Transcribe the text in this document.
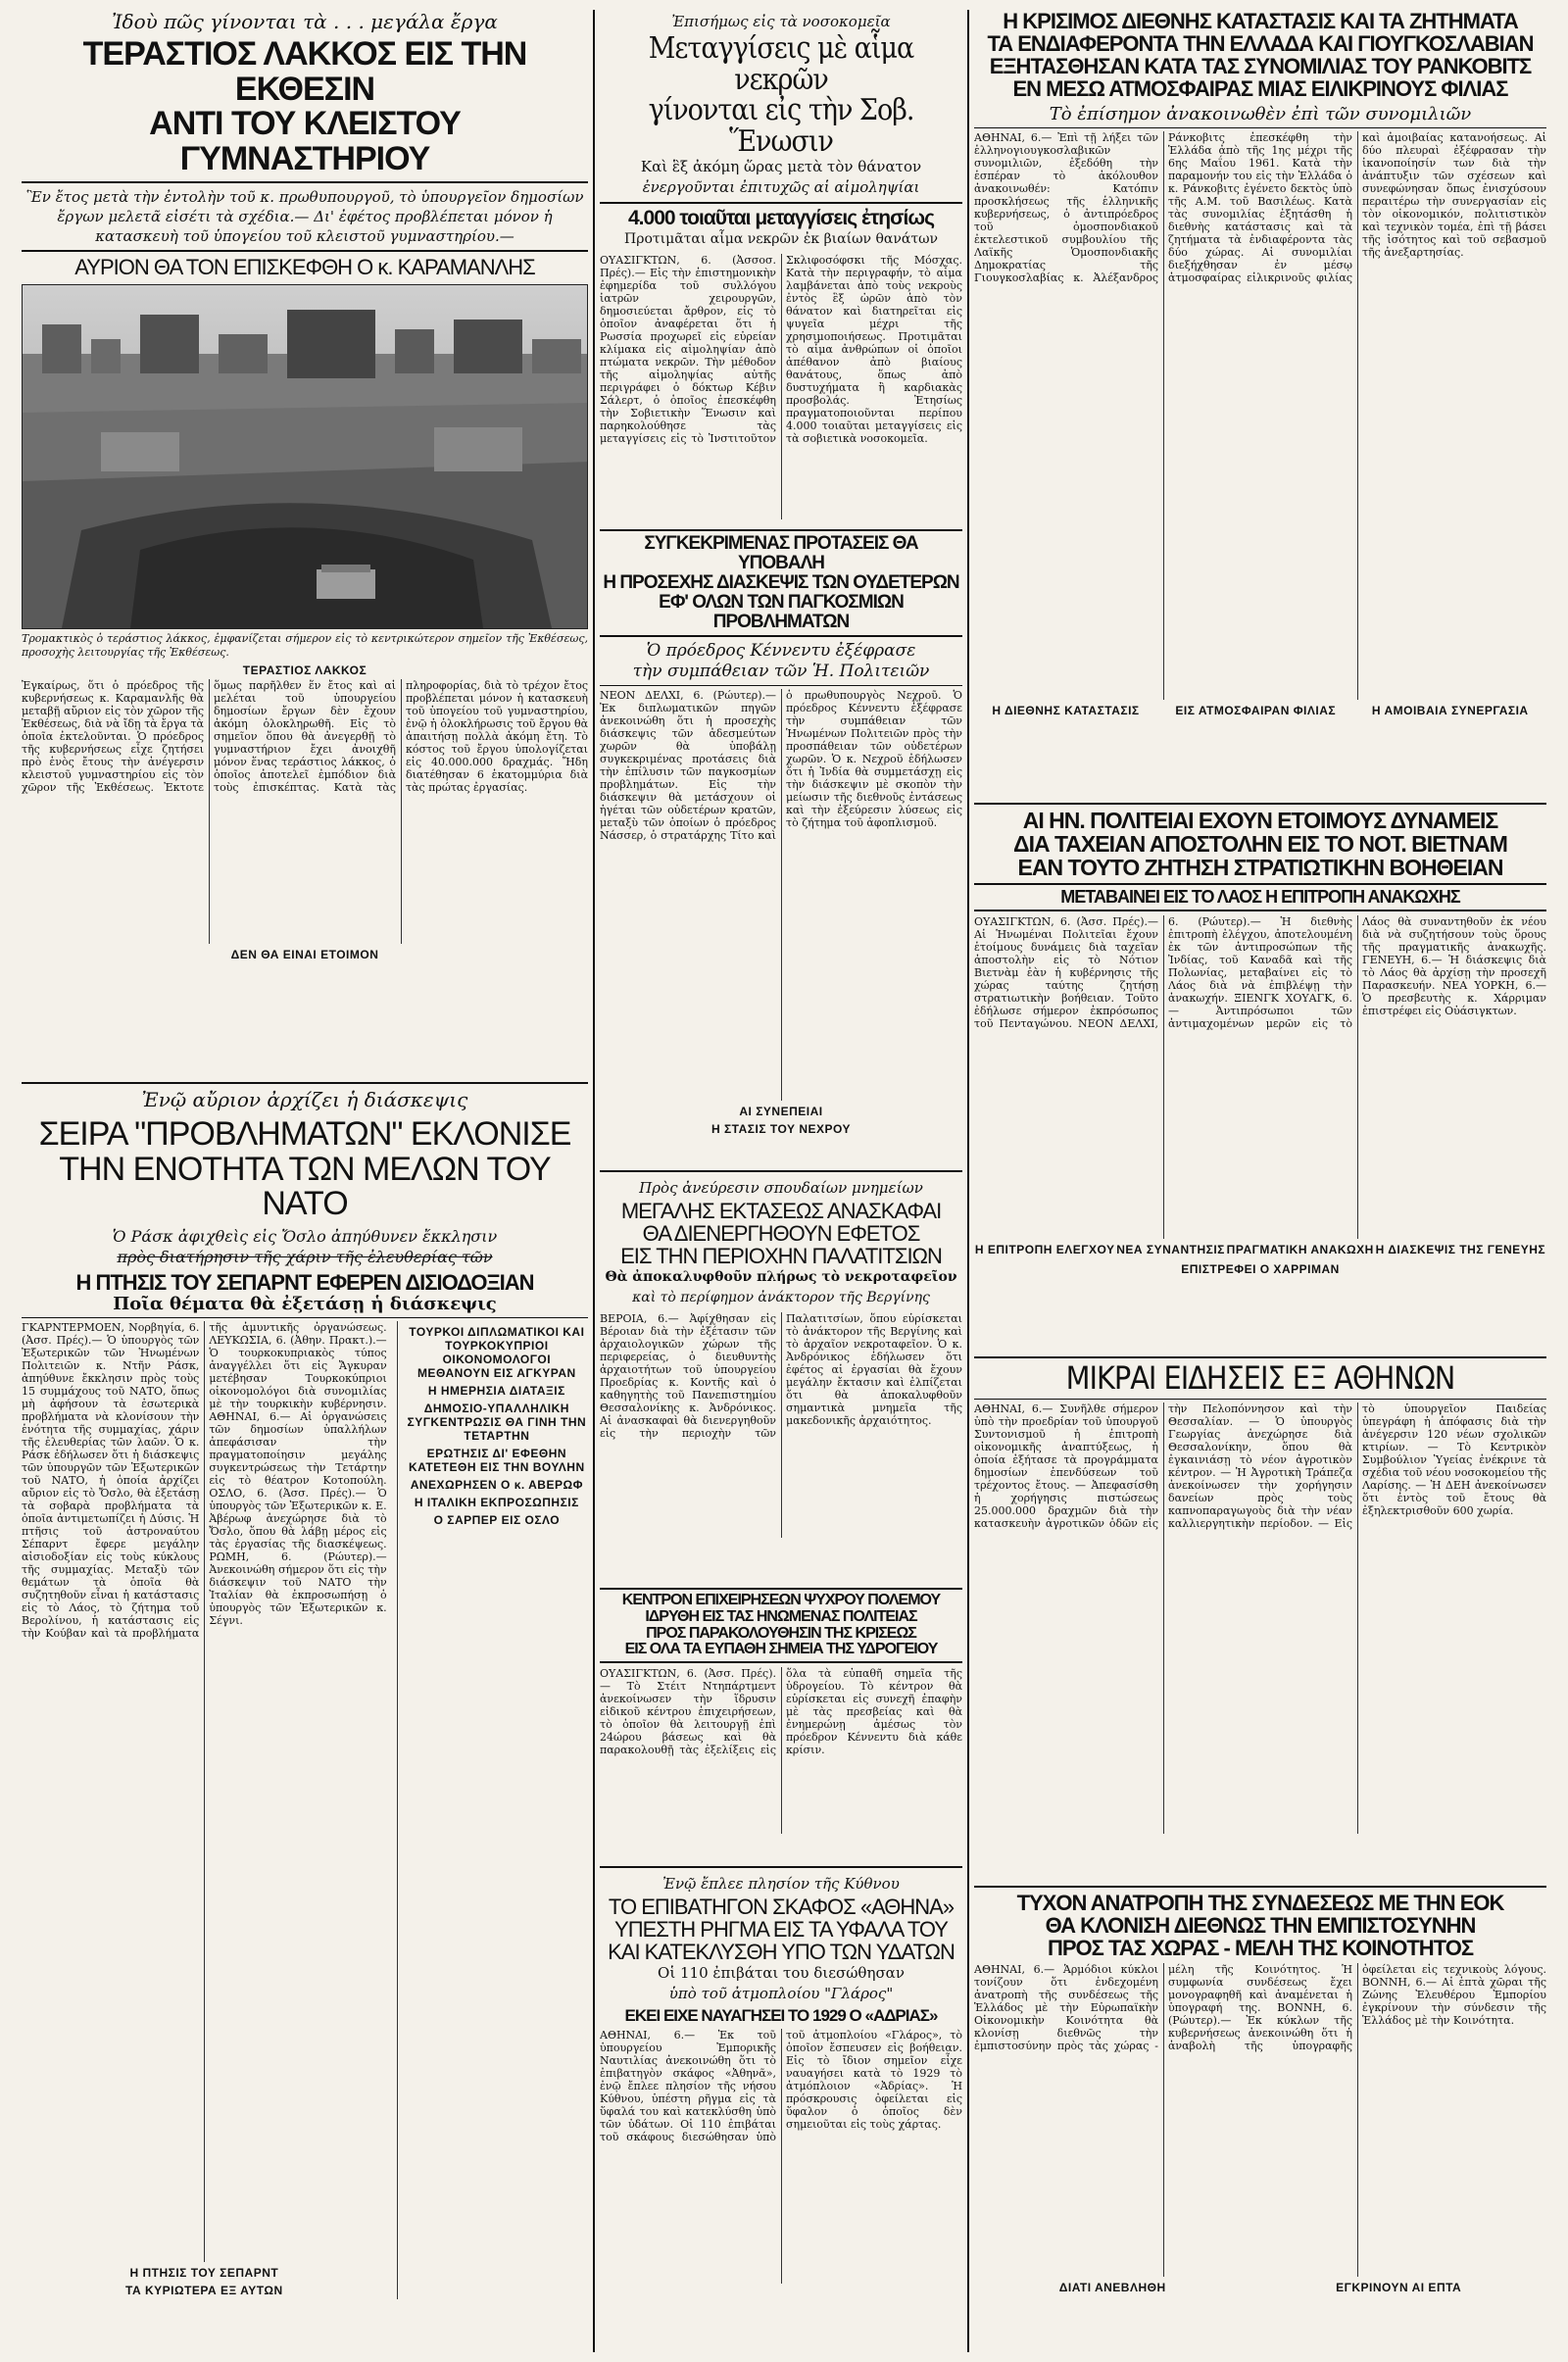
Ἰδοὺ πῶς γίνονται τὰ . . . μεγάλα ἔργα
ΤΕΡΑΣΤΙΟΣ ΛΑΚΚΟΣ ΕΙΣ ΤΗΝ ΕΚΘΕΣΙΝ
ΑΝΤΙ ΤΟΥ ΚΛΕΙΣΤΟΥ ΓΥΜΝΑΣΤΗΡΙΟΥ
Ἓν ἔτος μετὰ τὴν ἐντολὴν τοῦ κ. πρωθυπουργοῦ, τὸ ὑπουργεῖον δημοσίων ἔργων μελετᾶ εἰσέτι τὰ σχέδια.— Δι' ἐφέτος προβλέπεται μόνον ἡ κατασκευὴ τοῦ ὑπογείου τοῦ κλειστοῦ γυμναστηρίου.—
ΑΥΡΙΟΝ ΘΑ ΤΟΝ ΕΠΙΣΚΕΦΘΗ Ο κ. ΚΑΡΑΜΑΝΛΗΣ
Τρομακτικὸς ὁ τεράστιος λάκκος, ἐμφανίζεται σήμερον εἰς τὸ κεντρικώτερον σημεῖον τῆς Ἐκθέσεως, προσοχὴς λειτουργίας τῆς Ἐκθέσεως.
ΤΕΡΑΣΤΙΟΣ ΛΑΚΚΟΣ
Ἐγκαίρως, ὅτι ὁ πρόεδρος τῆς κυβερνήσεως κ. Καραμανλῆς θὰ μεταβῇ αὔριον εἰς τὸν χῶρον τῆς Ἐκθέσεως, διὰ νὰ ἴδῃ τὰ ἔργα τὰ ὁποῖα ἐκτελοῦνται. Ὁ πρόεδρος τῆς κυβερνήσεως εἶχε ζητήσει πρὸ ἑνὸς ἔτους τὴν ἀνέγερσιν κλειστοῦ γυμναστηρίου εἰς τὸν χῶρον τῆς Ἐκθέσεως. Ἐκτοτε ὅμως παρῆλθεν ἕν ἔτος καὶ αἱ μελέται τοῦ ὑπουργείου δημοσίων ἔργων δὲν ἔχουν ἀκόμη ὁλοκληρωθῆ. Εἰς τὸ σημεῖον ὅπου θὰ ἀνεγερθῇ τὸ γυμναστήριον ἔχει ἀνοιχθῆ μόνον ἕνας τεράστιος λάκκος, ὁ ὁποῖος ἀποτελεῖ ἐμπόδιον διὰ τοὺς ἐπισκέπτας. Κατὰ τὰς πληροφορίας, διὰ τὸ τρέχον ἔτος προβλέπεται μόνον ἡ κατασκευὴ τοῦ ὑπογείου τοῦ γυμναστηρίου, ἐνῷ ἡ ὁλοκλήρωσις τοῦ ἔργου θὰ ἀπαιτήσῃ πολλὰ ἀκόμη ἔτη. Τὸ κόστος τοῦ ἔργου ὑπολογίζεται εἰς 40.000.000 δραχμάς. Ἤδη διατέθησαν 6 ἑκατομμύρια διὰ τὰς πρώτας ἐργασίας.
ΔΕΝ ΘΑ ΕΙΝΑΙ ΕΤΟΙΜΟΝ
Ἐνῷ αὔριον ἀρχίζει ἡ διάσκεψις
ΣΕΙΡΑ "ΠΡΟΒΛΗΜΑΤΩΝ" ΕΚΛΟΝΙΣΕ
ΤΗΝ ΕΝΟΤΗΤΑ ΤΩΝ ΜΕΛΩΝ ΤΟΥ ΝΑΤΟ
Ὁ Ράσκ ἀφιχθεὶς εἰς Ὄσλο ἀπηύθυνεν ἔκκλησιν
πρὸς διατήρησιν τῆς χάριν τῆς ἐλευθερίας τῶν
Η ΠΤΗΣΙΣ ΤΟΥ ΣΕΠΑΡΝΤ ΕΦΕΡΕΝ ΔΙΣΙΟΔΟΞΙΑΝ
Ποῖα θέματα θὰ ἐξετάσῃ ἡ διάσκεψις
ΓΚΑΡΝΤΕΡΜΟΕΝ, Νορβηγία, 6. (Ἀσσ. Πρές).— Ὁ ὑπουργὸς τῶν Ἐξωτερικῶν τῶν Ἡνωμένων Πολιτειῶν κ. Ντῆν Ράσκ, ἀπηύθυνε ἔκκλησιν πρὸς τοὺς 15 συμμάχους τοῦ ΝΑΤΟ, ὅπως μὴ ἀφήσουν τὰ ἐσωτερικὰ προβλήματα νὰ κλονίσουν τὴν ἑνότητα τῆς συμμαχίας, χάριν τῆς ἐλευθερίας τῶν λαῶν. Ὁ κ. Ράσκ ἐδήλωσεν ὅτι ἡ διάσκεψις τῶν ὑπουργῶν τῶν Ἐξωτερικῶν τοῦ ΝΑΤΟ, ἡ ὁποία ἀρχίζει αὔριον εἰς τὸ Ὄσλο, θὰ ἐξετάσῃ τὰ σοβαρὰ προβλήματα τὰ ὁποῖα ἀντιμετωπίζει ἡ Δύσις. Ἡ πτῆσις τοῦ ἀστροναύτου Σέπαρντ ἔφερε μεγάλην αἰσιοδοξίαν εἰς τοὺς κύκλους τῆς συμμαχίας. Μεταξὺ τῶν θεμάτων τὰ ὁποῖα θὰ συζητηθοῦν εἶναι ἡ κατάστασις εἰς τὸ Λάος, τὸ ζήτημα τοῦ Βερολίνου, ἡ κατάστασις εἰς τὴν Κούβαν καὶ τὰ προβλήματα τῆς ἀμυντικῆς ὀργανώσεως. ΛΕΥΚΩΣΙΑ, 6. (Ἀθην. Πρακτ.).— Ὁ τουρκοκυπριακὸς τύπος ἀναγγέλλει ὅτι εἰς Ἄγκυραν μετέβησαν Τουρκοκύπριοι οἰκονομολόγοι διὰ συνομιλίας μὲ τὴν τουρκικὴν κυβέρνησιν. ΑΘΗΝΑΙ, 6.— Αἱ ὀργανώσεις τῶν δημοσίων ὑπαλλήλων ἀπεφάσισαν τὴν πραγματοποίησιν μεγάλης συγκεντρώσεως τὴν Τετάρτην εἰς τὸ θέατρον Κοτοπούλη. ΟΣΛΟ, 6. (Ἀσσ. Πρές).— Ὁ ὑπουργὸς τῶν Ἐξωτερικῶν κ. Ε. Ἀβέρωφ ἀνεχώρησε διὰ τὸ Ὄσλο, ὅπου θὰ λάβῃ μέρος εἰς τὰς ἐργασίας τῆς διασκέψεως. ΡΩΜΗ, 6. (Ρώυτερ).— Ἀνεκοινώθη σήμερον ὅτι εἰς τὴν διάσκεψιν τοῦ ΝΑΤΟ τὴν Ἰταλίαν θὰ ἐκπροσωπήσῃ ὁ ὑπουργὸς τῶν Ἐξωτερικῶν κ. Σέγνι.
Η ΠΤΗΣΙΣ ΤΟΥ ΣΕΠΑΡΝΤ
ΤΑ ΚΥΡΙΩΤΕΡΑ ΕΞ ΑΥΤΩΝ
ΤΟΥΡΚΟΙ ΔΙΠΛΩΜΑΤΙΚΟΙ ΚΑΙ ΤΟΥΡΚΟΚΥΠΡΙΟΙ ΟΙΚΟΝΟΜΟΛΟΓΟΙ ΜΕΘΑΝΟΥΝ ΕΙΣ ΑΓΚΥΡΑΝ
Η ΗΜΕΡΗΣΙΑ ΔΙΑΤΑΞΙΣ
ΔΗΜΟΣΙΟ-ΥΠΑΛΛΗΛΙΚΗ ΣΥΓΚΕΝΤΡΩΣΙΣ ΘΑ ΓΙΝΗ ΤΗΝ ΤΕΤΑΡΤΗΝ
ΕΡΩΤΗΣΙΣ ΔΙ' ΕΦΕΘΗΝ ΚΑΤΕΤΕΘΗ ΕΙΣ ΤΗΝ ΒΟΥΛΗΝ
ΑΝΕΧΩΡΗΣΕΝ Ο κ. ΑΒΕΡΩΦ
Η ΙΤΑΛΙΚΗ ΕΚΠΡΟΣΩΠΗΣΙΣ
Ο ΣΑΡΠΕΡ ΕΙΣ ΟΣΛΟ
Ἐπισήμως εἰς τὰ νοσοκομεῖα
Μεταγγίσεις μὲ αἷμα νεκρῶν
γίνονται εἰς τὴν Σοβ. Ἕνωσιν
Καὶ ἓξ ἀκόμη ὥρας μετὰ τὸν θάνατον
ἐνεργοῦνται ἐπιτυχῶς αἱ αἱμοληψίαι
4.000 τοιαῦται μεταγγίσεις ἐτησίως
Προτιμᾶται αἷμα νεκρῶν ἐκ βιαίων θανάτων
ΟΥΑΣΙΓΚΤΩΝ, 6. (Ἀσσοσ. Πρές).— Εἰς τὴν ἐπιστημονικὴν ἐφημερίδα τοῦ συλλόγου ἰατρῶν χειρουργῶν, δημοσιεύεται ἄρθρον, εἰς τὸ ὁποῖον ἀναφέρεται ὅτι ἡ Ρωσσία προχωρεῖ εἰς εὐρείαν κλίμακα εἰς αἱμοληψίαν ἀπὸ πτώματα νεκρῶν. Τὴν μέθοδον τῆς αἱμοληψίας αὐτῆς περιγράφει ὁ δόκτωρ Κέβιν Σάλερτ, ὁ ὁποῖος ἐπεσκέφθη τὴν Σοβιετικὴν Ἕνωσιν καὶ παρηκολούθησε τὰς μεταγγίσεις εἰς τὸ Ἰνστιτοῦτον Σκλιφοσόφσκι τῆς Μόσχας. Κατὰ τὴν περιγραφήν, τὸ αἷμα λαμβάνεται ἀπὸ τοὺς νεκροὺς ἐντὸς ἓξ ὡρῶν ἀπὸ τὸν θάνατον καὶ διατηρεῖται εἰς ψυγεῖα μέχρι τῆς χρησιμοποιήσεως. Προτιμᾶται τὸ αἷμα ἀνθρώπων οἱ ὁποῖοι ἀπέθανον ἀπὸ βιαίους θανάτους, ὅπως ἀπὸ δυστυχήματα ἢ καρδιακὰς προσβολάς. Ἐτησίως πραγματοποιοῦνται περίπου 4.000 τοιαῦται μεταγγίσεις εἰς τὰ σοβιετικὰ νοσοκομεῖα.
ΣΥΓΚΕΚΡΙΜΕΝΑΣ ΠΡΟΤΑΣΕΙΣ ΘΑ ΥΠΟΒΑΛΗ
Η ΠΡΟΣΕΧΗΣ ΔΙΑΣΚΕΨΙΣ ΤΩΝ ΟΥΔΕΤΕΡΩΝ
ΕΦ' ΟΛΩΝ ΤΩΝ ΠΑΓΚΟΣΜΙΩΝ ΠΡΟΒΛΗΜΑΤΩΝ
Ὁ πρόεδρος Κέννεντυ ἐξέφρασε
τὴν συμπάθειαν τῶν Ἡ. Πολιτειῶν
ΝΕΟΝ ΔΕΛΧΙ, 6. (Ρώυτερ).— Ἐκ διπλωματικῶν πηγῶν ἀνεκοινώθη ὅτι ἡ προσεχὴς διάσκεψις τῶν ἀδεσμεύτων χωρῶν θὰ ὑποβάλῃ συγκεκριμένας προτάσεις διὰ τὴν ἐπίλυσιν τῶν παγκοσμίων προβλημάτων. Εἰς τὴν διάσκεψιν θὰ μετάσχουν οἱ ἡγέται τῶν οὐδετέρων κρατῶν, μεταξὺ τῶν ὁποίων ὁ πρόεδρος Νάσσερ, ὁ στρατάρχης Τίτο καὶ ὁ πρωθυπουργὸς Νεχροῦ. Ὁ πρόεδρος Κέννεντυ ἐξέφρασε τὴν συμπάθειαν τῶν Ἡνωμένων Πολιτειῶν πρὸς τὴν προσπάθειαν τῶν οὐδετέρων χωρῶν. Ὁ κ. Νεχροῦ ἐδήλωσεν ὅτι ἡ Ἰνδία θὰ συμμετάσχῃ εἰς τὴν διάσκεψιν μὲ σκοπὸν τὴν μείωσιν τῆς διεθνοῦς ἐντάσεως καὶ τὴν ἐξεύρεσιν λύσεως εἰς τὸ ζήτημα τοῦ ἀφοπλισμοῦ.
ΑΙ ΣΥΝΕΠΕΙΑΙ
Η ΣΤΑΣΙΣ ΤΟΥ ΝΕΧΡΟΥ
Πρὸς ἀνεύρεσιν σπουδαίων μνημείων
ΜΕΓΑΛΗΣ ΕΚΤΑΣΕΩΣ ΑΝΑΣΚΑΦΑΙ
ΘΑ ΔΙΕΝΕΡΓΗΘΟΥΝ ΕΦΕΤΟΣ
ΕΙΣ ΤΗΝ ΠΕΡΙΟΧΗΝ ΠΑΛΑΤΙΤΣΙΩΝ
Θὰ ἀποκαλυφθοῦν πλήρως τὸ νεκροταφεῖον
καὶ τὸ περίφημον ἀνάκτορον τῆς Βεργίνης
ΒΕΡΟΙΑ, 6.— Ἀφίχθησαν εἰς Βέροιαν διὰ τὴν ἐξέτασιν τῶν ἀρχαιολογικῶν χώρων τῆς περιφερείας, ὁ διευθυντὴς ἀρχαιοτήτων τοῦ ὑπουργείου Προεδρίας κ. Κοντῆς καὶ ὁ καθηγητὴς τοῦ Πανεπιστημίου Θεσσαλονίκης κ. Ἀνδρόνικος. Αἱ ἀνασκαφαὶ θὰ διενεργηθοῦν εἰς τὴν περιοχὴν τῶν Παλατιτσίων, ὅπου εὑρίσκεται τὸ ἀνάκτορον τῆς Βεργίνης καὶ τὸ ἀρχαῖον νεκροταφεῖον. Ὁ κ. Ἀνδρόνικος ἐδήλωσεν ὅτι ἐφέτος αἱ ἐργασίαι θὰ ἔχουν μεγάλην ἔκτασιν καὶ ἐλπίζεται ὅτι θὰ ἀποκαλυφθοῦν σημαντικὰ μνημεῖα τῆς μακεδονικῆς ἀρχαιότητος.
ΚΕΝΤΡΟΝ ΕΠΙΧΕΙΡΗΣΕΩΝ ΨΥΧΡΟΥ ΠΟΛΕΜΟΥ
ΙΔΡΥΘΗ ΕΙΣ ΤΑΣ ΗΝΩΜΕΝΑΣ ΠΟΛΙΤΕΙΑΣ
ΠΡΟΣ ΠΑΡΑΚΟΛΟΥΘΗΣΙΝ ΤΗΣ ΚΡΙΣΕΩΣ
ΕΙΣ ΟΛΑ ΤΑ ΕΥΠΑΘΗ ΣΗΜΕΙΑ ΤΗΣ ΥΔΡΟΓΕΙΟΥ
ΟΥΑΣΙΓΚΤΩΝ, 6. (Ἀσσ. Πρές).— Τὸ Στέιτ Ντηπάρτμεντ ἀνεκοίνωσεν τὴν ἵδρυσιν εἰδικοῦ κέντρου ἐπιχειρήσεων, τὸ ὁποῖον θὰ λειτουργῇ ἐπὶ 24ώρου βάσεως καὶ θὰ παρακολουθῇ τὰς ἐξελίξεις εἰς ὅλα τὰ εὐπαθῆ σημεῖα τῆς ὑδρογείου. Τὸ κέντρον θὰ εὑρίσκεται εἰς συνεχῆ ἐπαφὴν μὲ τὰς πρεσβείας καὶ θὰ ἐνημερώνῃ ἀμέσως τὸν πρόεδρον Κέννεντυ διὰ κάθε κρίσιν.
Ἐνῷ ἔπλεε πλησίον τῆς Κύθνου
ΤΟ ΕΠΙΒΑΤΗΓΟΝ ΣΚΑΦΟΣ «ΑΘΗΝΑ»
ΥΠΕΣΤΗ ΡΗΓΜΑ ΕΙΣ ΤΑ ΥΦΑΛΑ ΤΟΥ
ΚΑΙ ΚΑΤΕΚΛΥΣΘΗ ΥΠΟ ΤΩΝ ΥΔΑΤΩΝ
Οἱ 110 ἐπιβάται του διεσώθησαν
ὑπὸ τοῦ ἀτμοπλοίου "Γλάρος"
ΕΚΕΙ ΕΙΧΕ ΝΑΥΑΓΗΣΕΙ ΤΟ 1929 Ο «ΑΔΡΙΑΣ»
ΑΘΗΝΑΙ, 6.— Ἐκ τοῦ ὑπουργείου Ἐμπορικῆς Ναυτιλίας ἀνεκοινώθη ὅτι τὸ ἐπιβατηγὸν σκάφος «Ἀθηνᾶ», ἐνῷ ἔπλεε πλησίον τῆς νήσου Κύθνου, ὑπέστη ρῆγμα εἰς τὰ ὕφαλά του καὶ κατεκλύσθη ὑπὸ τῶν ὑδάτων. Οἱ 110 ἐπιβάται τοῦ σκάφους διεσώθησαν ὑπὸ τοῦ ἀτμοπλοίου «Γλάρος», τὸ ὁποῖον ἔσπευσεν εἰς βοήθειαν. Εἰς τὸ ἴδιον σημεῖον εἶχε ναυαγήσει κατὰ τὸ 1929 τὸ ἀτμόπλοιον «Ἀδρίας». Ἡ πρόσκρουσις ὀφείλεται εἰς ὕφαλον ὁ ὁποῖος δὲν σημειοῦται εἰς τοὺς χάρτας.
Η ΚΡΙΣΙΜΟΣ ΔΙΕΘΝΗΣ ΚΑΤΑΣΤΑΣΙΣ ΚΑΙ ΤΑ ΖΗΤΗΜΑΤΑ
ΤΑ ΕΝΔΙΑΦΕΡΟΝΤΑ ΤΗΝ ΕΛΛΑΔΑ ΚΑΙ ΓΙΟΥΓΚΟΣΛΑΒΙΑΝ
ΕΞΗΤΑΣΘΗΣΑΝ ΚΑΤΑ ΤΑΣ ΣΥΝΟΜΙΛΙΑΣ ΤΟΥ ΡΑΝΚΟΒΙΤΣ
ΕΝ ΜΕΣΩ ΑΤΜΟΣΦΑΙΡΑΣ ΜΙΑΣ ΕΙΛΙΚΡΙΝΟΥΣ ΦΙΛΙΑΣ
Τὸ ἐπίσημον ἀνακοινωθὲν ἐπὶ τῶν συνομιλιῶν
ΑΘΗΝΑΙ, 6.— Ἐπὶ τῇ λήξει τῶν ἑλληνογιουγκοσλαβικῶν συνομιλιῶν, ἐξεδόθη τὴν ἑσπέραν τὸ ἀκόλουθον ἀνακοινωθέν: Κατόπιν προσκλήσεως τῆς ἑλληνικῆς κυβερνήσεως, ὁ ἀντιπρόεδρος τοῦ ὁμοσπονδιακοῦ ἐκτελεστικοῦ συμβουλίου τῆς Λαϊκῆς Ὁμοσπονδιακῆς Δημοκρατίας τῆς Γιουγκοσλαβίας κ. Ἀλέξανδρος Ράνκοβιτς ἐπεσκέφθη τὴν Ἑλλάδα ἀπὸ τῆς 1ης μέχρι τῆς 6ης Μαΐου 1961. Κατὰ τὴν παραμονήν του εἰς τὴν Ἑλλάδα ὁ κ. Ράνκοβιτς ἐγένετο δεκτὸς ὑπὸ τῆς Α.Μ. τοῦ Βασιλέως. Κατὰ τὰς συνομιλίας ἐξητάσθη ἡ διεθνὴς κατάστασις καὶ τὰ ζητήματα τὰ ἐνδιαφέροντα τὰς δύο χώρας. Αἱ συνομιλίαι διεξήχθησαν ἐν μέσῳ ἀτμοσφαίρας εἰλικρινοῦς φιλίας καὶ ἀμοιβαίας κατανοήσεως. Αἱ δύο πλευραὶ ἐξέφρασαν τὴν ἱκανοποίησίν των διὰ τὴν ἀνάπτυξιν τῶν σχέσεων καὶ συνεφώνησαν ὅπως ἐνισχύσουν περαιτέρω τὴν συνεργασίαν εἰς τὸν οἰκονομικόν, πολιτιστικὸν καὶ τεχνικὸν τομέα, ἐπὶ τῇ βάσει τῆς ἰσότητος καὶ τοῦ σεβασμοῦ τῆς ἀνεξαρτησίας.
Η ΔΙΕΘΝΗΣ ΚΑΤΑΣΤΑΣΙΣ	ΕΙΣ ΑΤΜΟΣΦΑΙΡΑΝ ΦΙΛΙΑΣ	Η ΑΜΟΙΒΑΙΑ ΣΥΝΕΡΓΑΣΙΑ
ΑΙ ΗΝ. ΠΟΛΙΤΕΙΑΙ ΕΧΟΥΝ ΕΤΟΙΜΟΥΣ ΔΥΝΑΜΕΙΣ
ΔΙΑ ΤΑΧΕΙΑΝ ΑΠΟΣΤΟΛΗΝ ΕΙΣ ΤΟ ΝΟΤ. ΒΙΕΤΝΑΜ
ΕΑΝ ΤΟΥΤΟ ΖΗΤΗΣΗ ΣΤΡΑΤΙΩΤΙΚΗΝ ΒΟΗΘΕΙΑΝ
ΜΕΤΑΒΑΙΝΕΙ ΕΙΣ ΤΟ ΛΑΟΣ Η ΕΠΙΤΡΟΠΗ ΑΝΑΚΩΧΗΣ
ΟΥΑΣΙΓΚΤΩΝ, 6. (Ἀσσ. Πρές).— Αἱ Ἡνωμέναι Πολιτεῖαι ἔχουν ἑτοίμους δυνάμεις διὰ ταχεῖαν ἀποστολὴν εἰς τὸ Νότιον Βιετνὰμ ἐὰν ἡ κυβέρνησις τῆς χώρας ταύτης ζητήσῃ στρατιωτικὴν βοήθειαν. Τοῦτο ἐδήλωσε σήμερον ἐκπρόσωπος τοῦ Πενταγώνου. ΝΕΟΝ ΔΕΛΧΙ, 6. (Ρώυτερ).— Ἡ διεθνὴς ἐπιτροπὴ ἐλέγχου, ἀποτελουμένη ἐκ τῶν ἀντιπροσώπων τῆς Ἰνδίας, τοῦ Καναδᾶ καὶ τῆς Πολωνίας, μεταβαίνει εἰς τὸ Λάος διὰ νὰ ἐπιβλέψῃ τὴν ἀνακωχήν. ΞΙΕΝΓΚ ΧΟΥΑΓΚ, 6.— Ἀντιπρόσωποι τῶν ἀντιμαχομένων μερῶν εἰς τὸ Λάος θὰ συναντηθοῦν ἐκ νέου διὰ νὰ συζητήσουν τοὺς ὅρους τῆς πραγματικῆς ἀνακωχῆς. ΓΕΝΕΥΗ, 6.— Ἡ διάσκεψις διὰ τὸ Λάος θὰ ἀρχίσῃ τὴν προσεχῆ Παρασκευήν. ΝΕΑ ΥΟΡΚΗ, 6.— Ὁ πρεσβευτὴς κ. Χάρριμαν ἐπιστρέφει εἰς Οὐάσιγκτων.
Η ΕΠΙΤΡΟΠΗ ΕΛΕΓΧΟΥ ΝΕΑ ΣΥΝΑΝΤΗΣΙΣ ΠΡΑΓΜΑΤΙΚΗ ΑΝΑΚΩΧΗ Η ΔΙΑΣΚΕΨΙΣ ΤΗΣ ΓΕΝΕΥΗΣ
ΕΠΙΣΤΡΕΦΕΙ Ο ΧΑΡΡΙΜΑΝ
ΜΙΚΡΑΙ ΕΙΔΗΣΕΙΣ ΕΞ ΑΘΗΝΩΝ
ΑΘΗΝΑΙ, 6.— Συνῆλθε σήμερον ὑπὸ τὴν προεδρίαν τοῦ ὑπουργοῦ Συντονισμοῦ ἡ ἐπιτροπὴ οἰκονομικῆς ἀναπτύξεως, ἡ ὁποία ἐξήτασε τὰ προγράμματα δημοσίων ἐπενδύσεων τοῦ τρέχοντος ἔτους. — Ἀπεφασίσθη ἡ χορήγησις πιστώσεως 25.000.000 δραχμῶν διὰ τὴν κατασκευὴν ἀγροτικῶν ὁδῶν εἰς τὴν Πελοπόννησον καὶ τὴν Θεσσαλίαν. — Ὁ ὑπουργὸς Γεωργίας ἀνεχώρησε διὰ Θεσσαλονίκην, ὅπου θὰ ἐγκαινιάσῃ τὸ νέον ἀγροτικὸν κέντρον. — Ἡ Ἀγροτικὴ Τράπεζα ἀνεκοίνωσεν τὴν χορήγησιν δανείων πρὸς τοὺς καπνοπαραγωγοὺς διὰ τὴν νέαν καλλιεργητικὴν περίοδον. — Εἰς τὸ ὑπουργεῖον Παιδείας ὑπεγράφη ἡ ἀπόφασις διὰ τὴν ἀνέγερσιν 120 νέων σχολικῶν κτιρίων. — Τὸ Κεντρικὸν Συμβούλιον Ὑγείας ἐνέκρινε τὰ σχέδια τοῦ νέου νοσοκομείου τῆς Λαρίσης. — Ἡ ΔΕΗ ἀνεκοίνωσεν ὅτι ἐντὸς τοῦ ἔτους θὰ ἐξηλεκτρισθοῦν 600 χωρία.
ΤΥΧΟΝ ΑΝΑΤΡΟΠΗ ΤΗΣ ΣΥΝΔΕΣΕΩΣ ΜΕ ΤΗΝ ΕΟΚ
ΘΑ ΚΛΟΝΙΣΗ ΔΙΕΘΝΩΣ ΤΗΝ ΕΜΠΙΣΤΟΣΥΝΗΝ
ΠΡΟΣ ΤΑΣ ΧΩΡΑΣ - ΜΕΛΗ ΤΗΣ ΚΟΙΝΟΤΗΤΟΣ
ΑΘΗΝΑΙ, 6.— Ἁρμόδιοι κύκλοι τονίζουν ὅτι ἐνδεχομένη ἀνατροπὴ τῆς συνδέσεως τῆς Ἑλλάδος μὲ τὴν Εὐρωπαϊκὴν Οἰκονομικὴν Κοινότητα θὰ κλονίσῃ διεθνῶς τὴν ἐμπιστοσύνην πρὸς τὰς χώρας - μέλη τῆς Κοινότητος. Ἡ συμφωνία συνδέσεως ἔχει μονογραφηθῆ καὶ ἀναμένεται ἡ ὑπογραφή της. ΒΟΝΝΗ, 6. (Ρώυτερ).— Ἐκ κύκλων τῆς κυβερνήσεως ἀνεκοινώθη ὅτι ἡ ἀναβολὴ τῆς ὑπογραφῆς ὀφείλεται εἰς τεχνικοὺς λόγους. ΒΟΝΝΗ, 6.— Αἱ ἑπτὰ χῶραι τῆς Ζώνης Ἐλευθέρου Ἐμπορίου ἐγκρίνουν τὴν σύνδεσιν τῆς Ἑλλάδος μὲ τὴν Κοινότητα.
ΔΙΑΤΙ ΑΝΕΒΛΗΘΗ	ΕΓΚΡΙΝΟΥΝ ΑΙ ΕΠΤΑ
